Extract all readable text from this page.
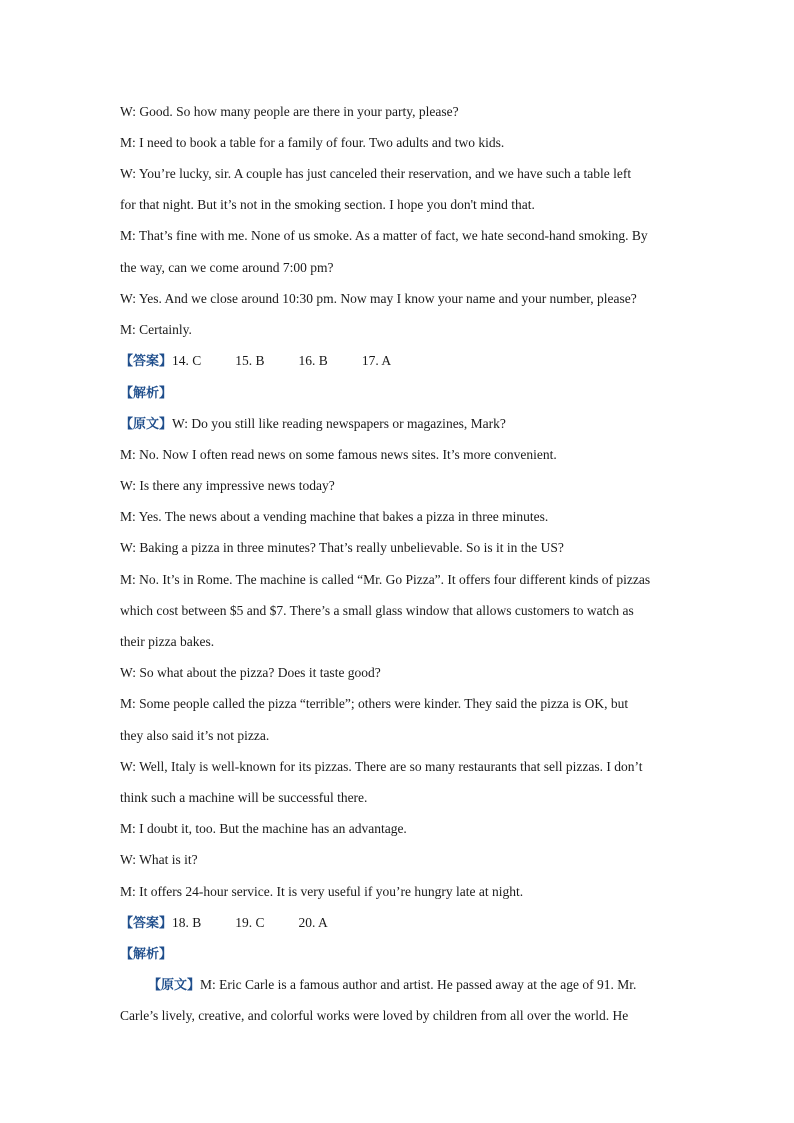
W: Good. So how many people are there in your party, please?
M: I need to book a table for a family of four. Two adults and two kids.
W: You’re lucky, sir. A couple has just canceled their reservation, and we have such a table left
for that night. But it’s not in the smoking section. I hope you don't mind that.
M: That’s fine with me. None of us smoke. As a matter of fact, we hate second-hand smoking. By
the way, can we come around 7:00 pm?
W: Yes. And we close around 10:30 pm. Now may I know your name and your number, please?
M: Certainly.
【答案】14. C	15. B	16. B	17. A
【解析】
【原文】W: Do you still like reading newspapers or magazines, Mark?
M: No. Now I often read news on some famous news sites. It’s more convenient.
W: Is there any impressive news today?
M: Yes. The news about a vending machine that bakes a pizza in three minutes.
W: Baking a pizza in three minutes? That’s really unbelievable. So is it in the US?
M: No. It’s in Rome. The machine is called “Mr. Go Pizza”. It offers four different kinds of pizzas
which cost between $5 and $7. There’s a small glass window that allows customers to watch as
their pizza bakes.
W: So what about the pizza? Does it taste good?
M: Some people called the pizza “terrible”; others were kinder. They said the pizza is OK, but
they also said it’s not pizza.
W: Well, Italy is well-known for its pizzas. There are so many restaurants that sell pizzas. I don’t
think such a machine will be successful there.
M: I doubt it, too. But the machine has an advantage.
W: What is it?
M: It offers 24-hour service. It is very useful if you’re hungry late at night.
【答案】18. B	19. C	20. A
【解析】
【原文】M: Eric Carle is a famous author and artist. He passed away at the age of 91. Mr.
Carle’s lively, creative, and colorful works were loved by children from all over the world. He
